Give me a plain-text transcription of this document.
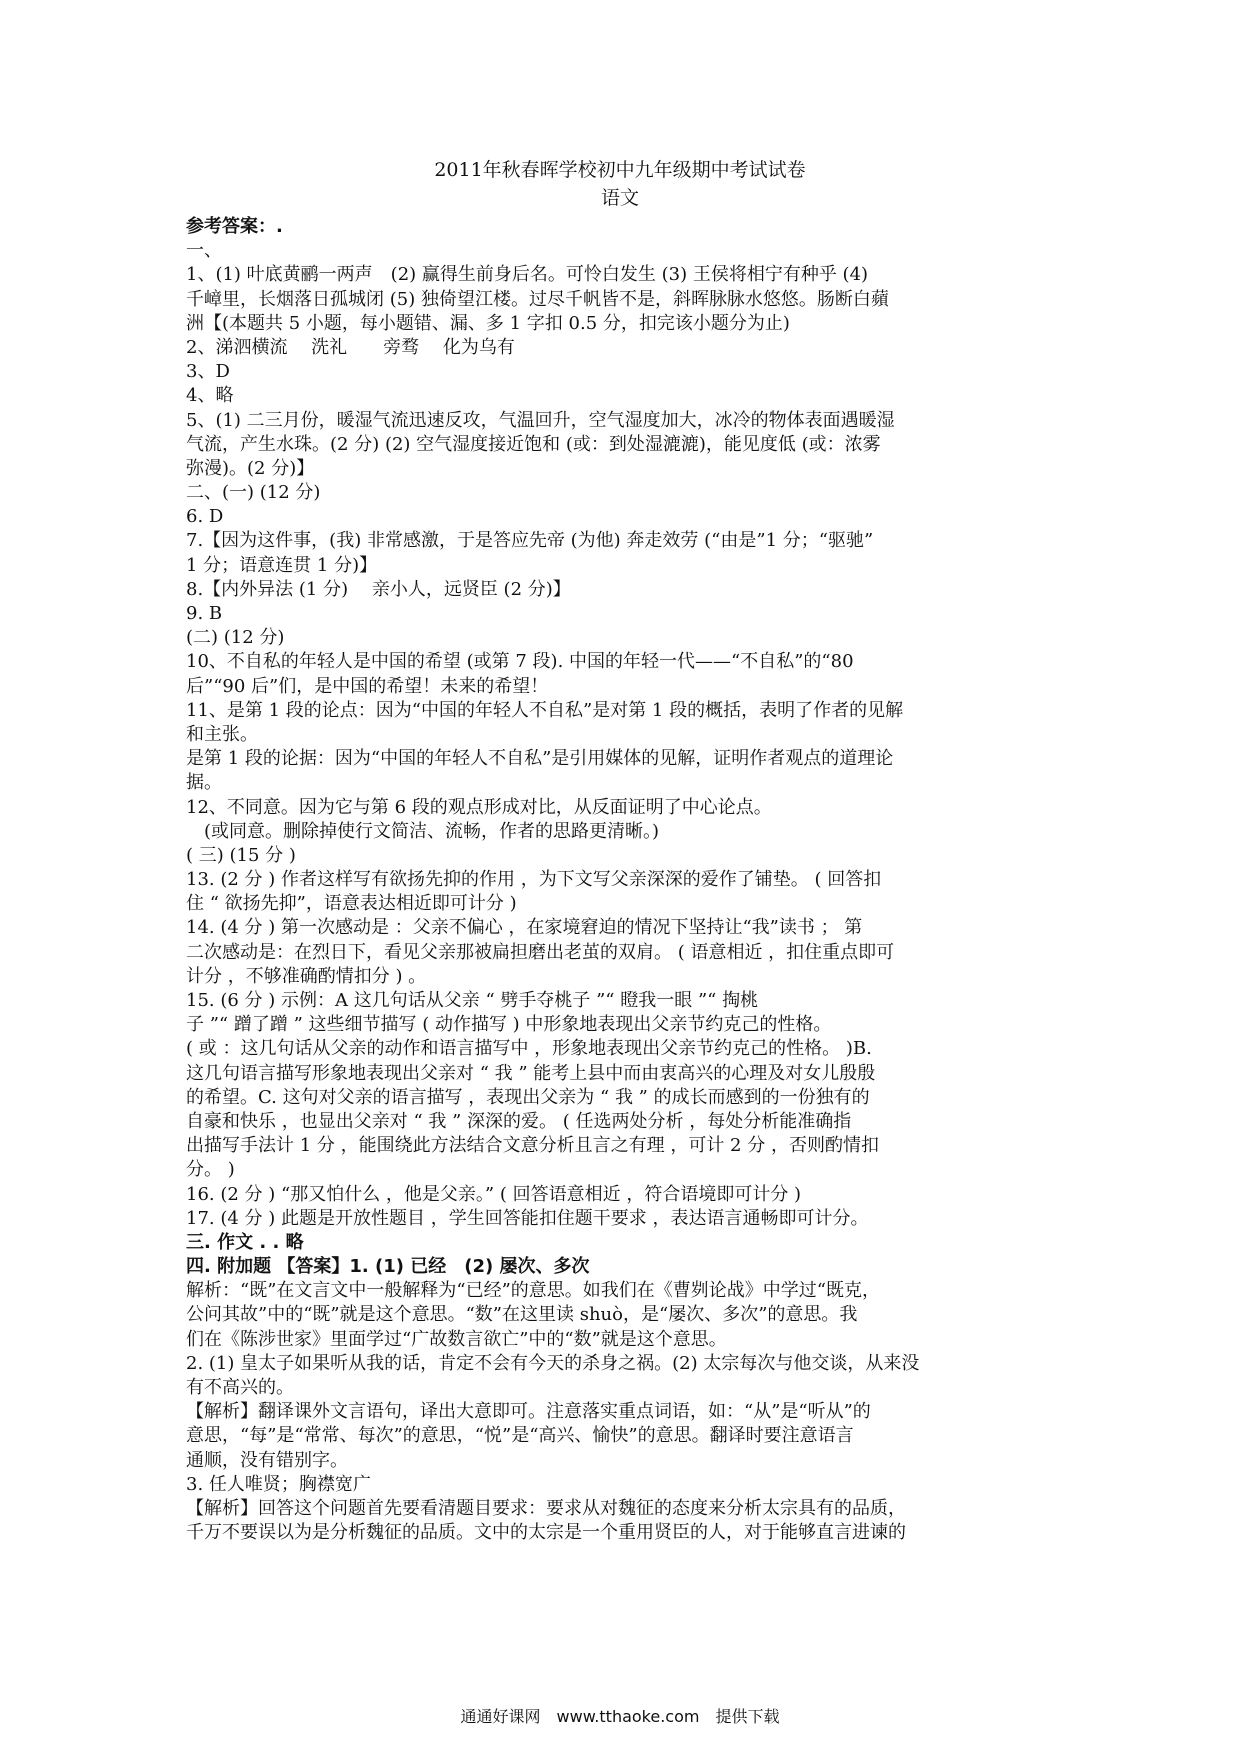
2011年秋春晖学校初中九年级期中考试试卷
语文
参考答案：.
一、
1、(1) 叶底黄鹂一两声　(2) 赢得生前身后名。可怜白发生 (3) 王侯将相宁有种乎 (4)
千嶂里，长烟落日孤城闭 (5) 独倚望江楼。过尽千帆皆不是，斜晖脉脉水悠悠。肠断白蘋
洲【(本题共 5 小题，每小题错、漏、多 1 字扣 0.5 分，扣完该小题分为止)
2、涕泗横流　 洗礼　　旁骛　 化为乌有
3、D
4、略
5、(1) 二三月份，暖湿气流迅速反攻，气温回升，空气湿度加大，冰冷的物体表面遇暖湿
气流，产生水珠。(2 分) (2) 空气湿度接近饱和 (或：到处湿漉漉)，能见度低 (或：浓雾
弥漫)。(2 分)】
二、(一) (12 分)
6. D
7.【因为这件事，(我) 非常感激，于是答应先帝 (为他) 奔走效劳 (“由是”1 分；“驱驰”
1 分；语意连贯 1 分)】
8.【内外异法 (1 分)　 亲小人，远贤臣 (2 分)】
9. B
(二) (12 分)
10、不自私的年轻人是中国的希望 (或第 7 段). 中国的年轻一代——“不自私”的“80
后”“90 后”们，是中国的希望！未来的希望！
11、是第 1 段的论点：因为“中国的年轻人不自私”是对第 1 段的概括，表明了作者的见解
和主张。
是第 1 段的论据：因为“中国的年轻人不自私”是引用媒体的见解，证明作者观点的道理论
据。
12、不同意。因为它与第 6 段的观点形成对比，从反面证明了中心论点。
　(或同意。删除掉使行文简洁、流畅，作者的思路更清晰。)
( 三) (15 分 )
13. (2 分 ) 作者这样写有欲扬先抑的作用 ，为下文写父亲深深的爱作了铺垫。 ( 回答扣
住 “ 欲扬先抑”，语意表达相近即可计分 )
14. (4 分 ) 第一次感动是 ：父亲不偏心 ，在家境窘迫的情况下坚持让“我”读书 ； 第
二次感动是：在烈日下，看见父亲那被扁担磨出老茧的双肩。 ( 语意相近 ，扣住重点即可
计分 ，不够准确酌情扣分 ) 。
15. (6 分 ) 示例：A 这几句话从父亲 “ 劈手夺桃子 ”“ 瞪我一眼 ”“ 掏桃
子 ”“ 蹭了蹭 ” 这些细节描写 ( 动作描写 ) 中形象地表现出父亲节约克己的性格。
( 或 ：这几句话从父亲的动作和语言描写中 ，形象地表现出父亲节约克己的性格。 )B.
这几句语言描写形象地表现出父亲对 “ 我 ” 能考上县中而由衷高兴的心理及对女儿殷殷
的希望。C. 这句对父亲的语言描写 ，表现出父亲为 “ 我 ” 的成长而感到的一份独有的
自豪和快乐 ，也显出父亲对 “ 我 ” 深深的爱。 ( 任选两处分析 ，每处分析能准确指
出描写手法计 1 分 ，能围绕此方法结合文意分析且言之有理 ，可计 2 分 ，否则酌情扣
分。 )
16. (2 分 ) “那又怕什么 ，他是父亲。” ( 回答语意相近 ，符合语境即可计分 )
17. (4 分 ) 此题是开放性题目 ，学生回答能扣住题干要求 ，表达语言通畅即可计分。
三. 作文 . . 略
四. 附加题 【答案】1. (1) 已经　(2) 屡次、多次
解析：“既”在文言文中一般解释为“已经”的意思。如我们在《曹刿论战》中学过“既克，
公问其故”中的“既”就是这个意思。“数”在这里读 shuò，是“屡次、多次”的意思。我
们在《陈涉世家》里面学过“广故数言欲亡”中的“数”就是这个意思。
2. (1) 皇太子如果听从我的话，肯定不会有今天的杀身之祸。(2) 太宗每次与他交谈，从来没
有不高兴的。
【解析】翻译课外文言语句，译出大意即可。注意落实重点词语，如：“从”是“听从”的
意思，“每”是“常常、每次”的意思，“悦”是“高兴、愉快”的意思。翻译时要注意语言
通顺，没有错别字。
3. 任人唯贤；胸襟宽广
【解析】回答这个问题首先要看清题目要求：要求从对魏征的态度来分析太宗具有的品质，
千万不要误以为是分析魏征的品质。文中的太宗是一个重用贤臣的人，对于能够直言进谏的
通通好课网　www.tthaoke.com　提供下载
